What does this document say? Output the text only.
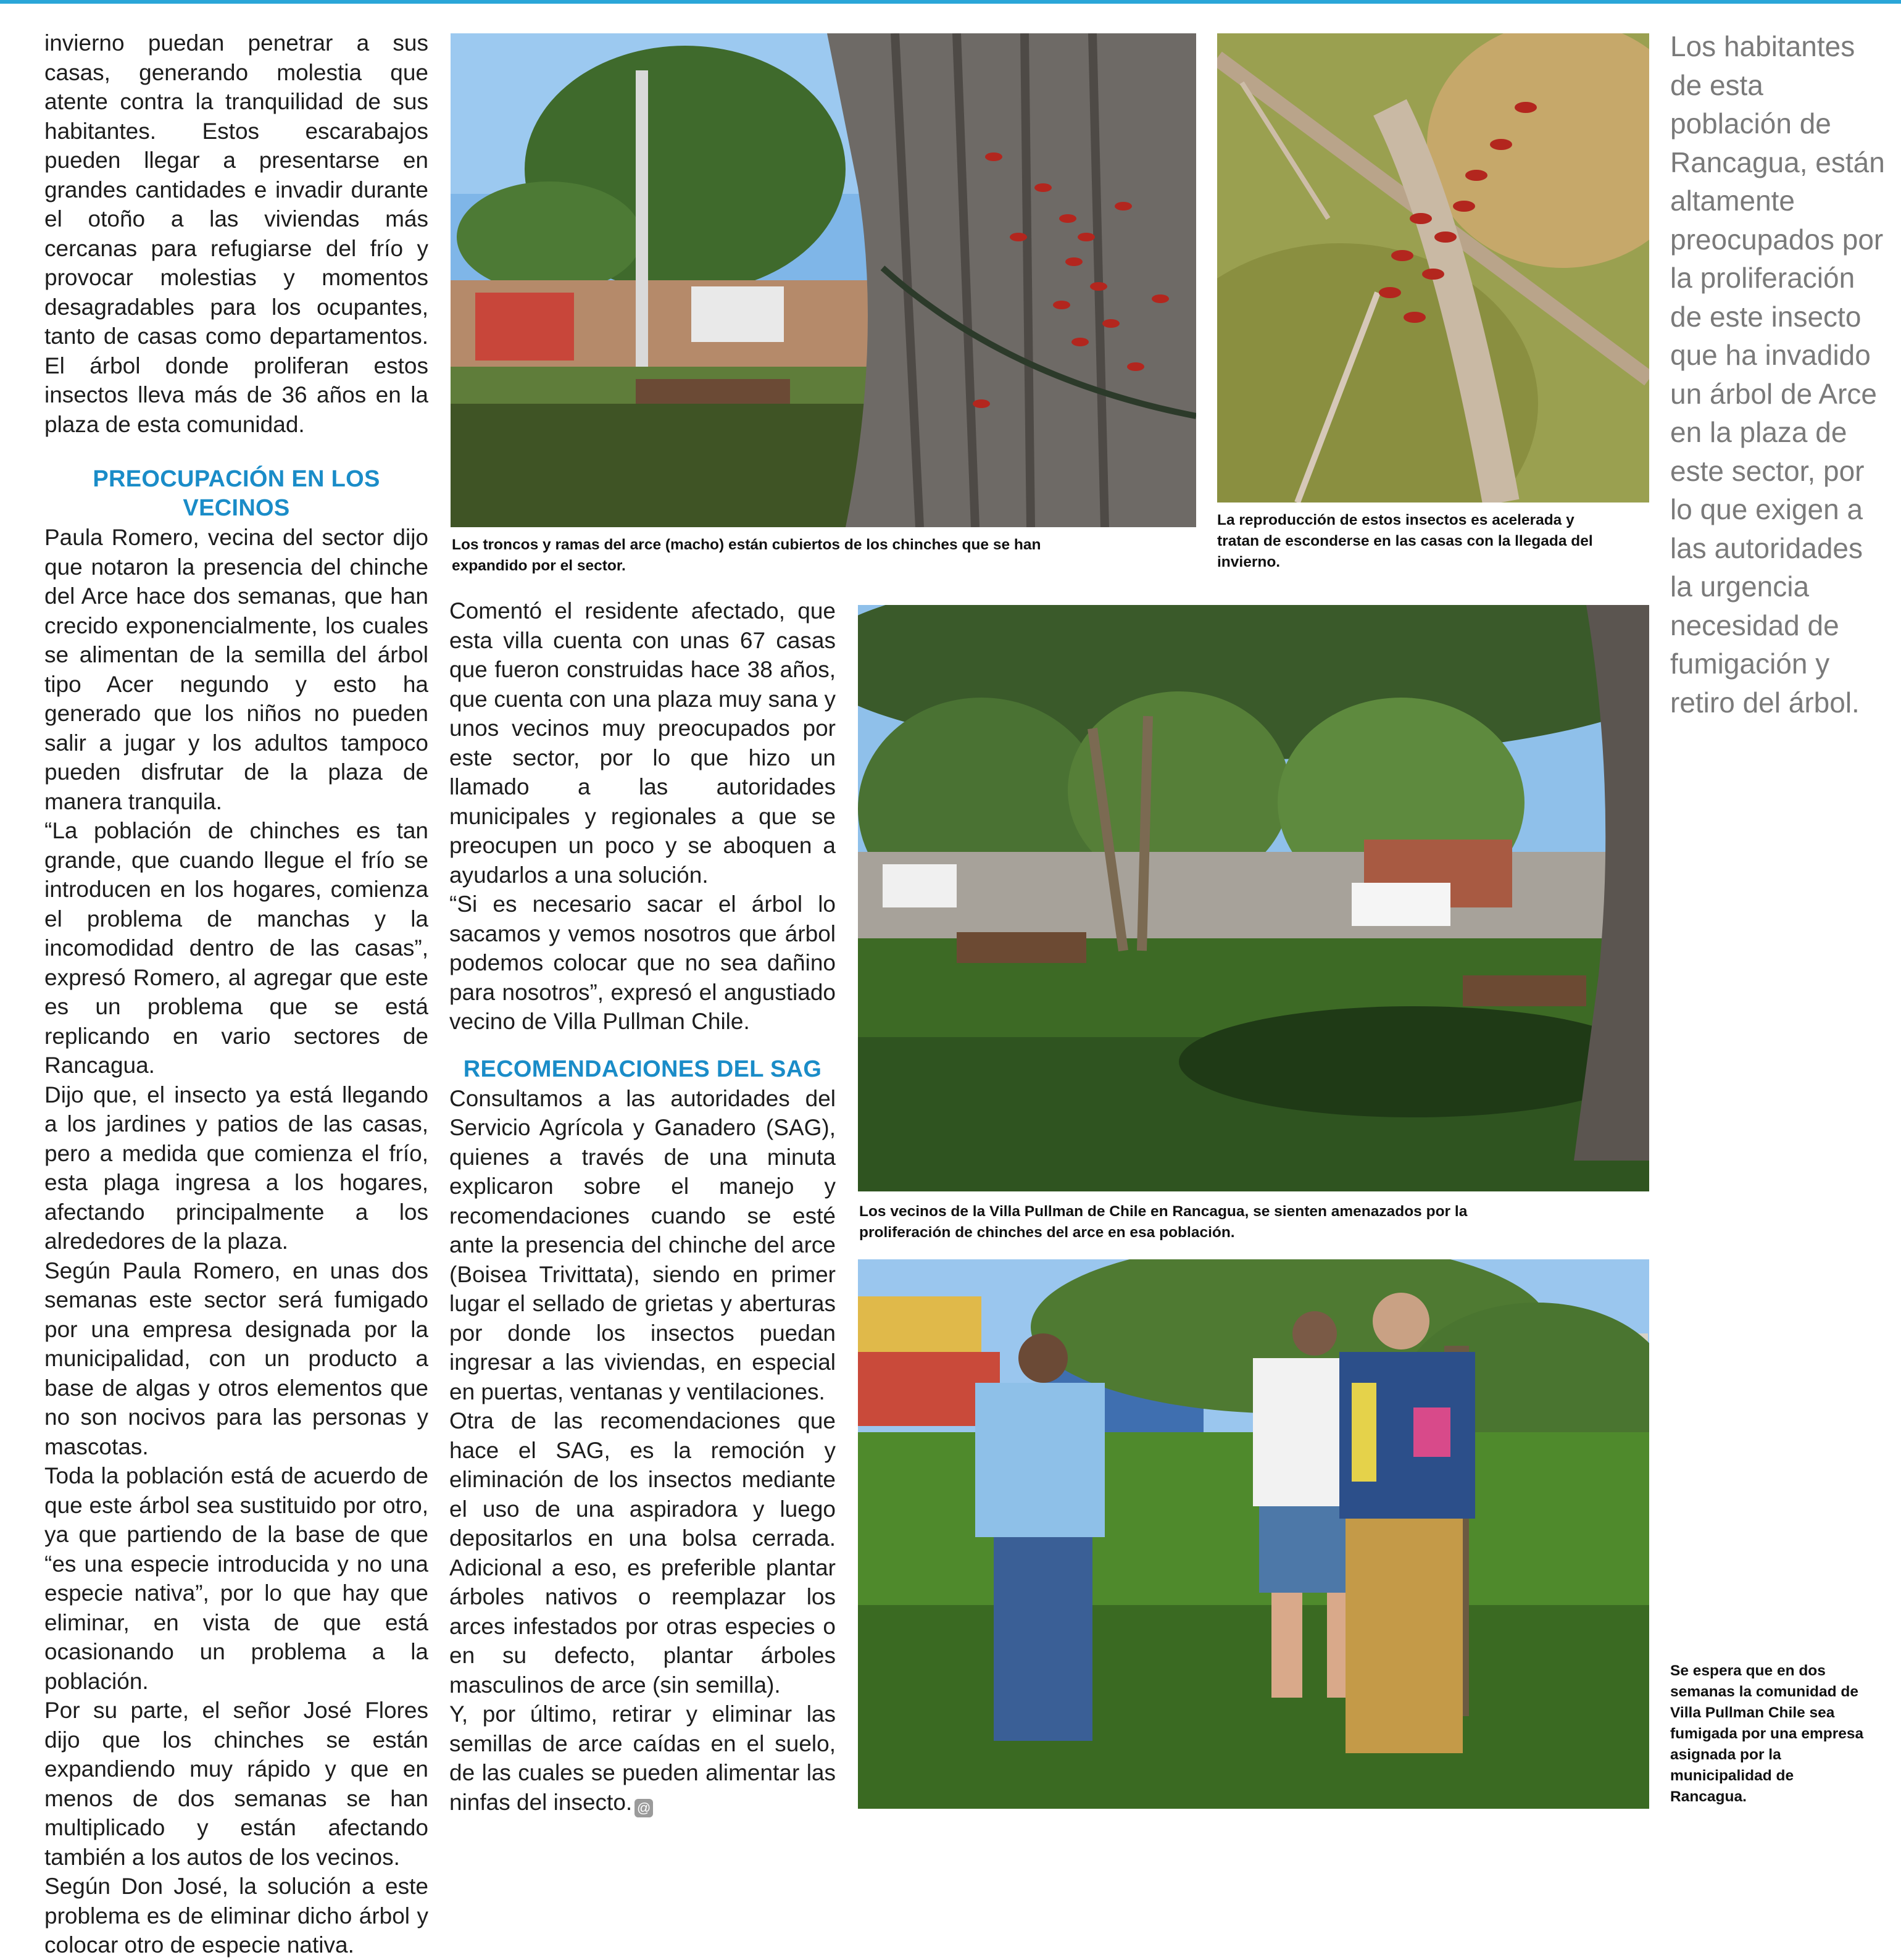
invierno puedan penetrar a sus casas, generando molestia que atente contra la tranquilidad de sus habitantes. Estos escarabajos pueden llegar a presentarse en grandes cantidades e invadir durante el otoño a las viviendas más cercanas para refugiarse del frío y provocar molestias y momentos desagradables para los ocupantes, tanto de casas como departamentos. El árbol donde proliferan estos insectos lleva más de 36 años en la plaza de esta comunidad.

PREOCUPACIÓN EN LOS VECINOS

Paula Romero, vecina del sector dijo que notaron la presencia del chinche del Arce hace dos semanas, que han crecido exponencialmente, los cuales se alimentan de la semilla del árbol tipo Acer negundo y esto ha generado que los niños no pueden salir a jugar y los adultos tampoco pueden disfrutar de la plaza de manera tranquila.

“La población de chinches es tan grande, que cuando llegue el frío se introducen en los hogares, comienza el problema de manchas y la incomodidad dentro de las casas”, expresó Romero, al agregar que este es un problema que se está replicando en vario sectores de Rancagua.

Dijo que, el insecto ya está llegando a los jardines y patios de las casas, pero a medida que comienza el frío, esta plaga ingresa a los hogares, afectando principalmente a los alrededores de la plaza.

Según Paula Romero, en unas dos semanas este sector será fumigado por una empresa designada por la municipalidad, con un producto a base de algas y otros elementos que no son nocivos para las personas y mascotas.

Toda la población está de acuerdo de que este árbol sea sustituido por otro, ya que partiendo de la base de que “es una especie introducida y no una especie nativa”, por lo que hay que eliminar, en vista de que está ocasionando un problema a la población.

Por su parte, el señor José Flores dijo que los chinches se están expandiendo muy rápido y que en menos de dos semanas se han multiplicado y están afectando también a los autos de los vecinos.

Según Don José, la solución a este problema es de eliminar dicho árbol y colocar otro de especie nativa.

Los troncos y ramas del arce (macho) están cubiertos de los chinches que se han expandido por el sector.

La reproducción de estos insectos es acelerada y tratan de esconderse en las casas con la llegada del invierno.

Los habitantes de esta población de Rancagua, están altamente preocupados por la proliferación de este insecto que ha invadido un árbol de Arce en la plaza de este sector, por lo que exigen a las autoridades la urgencia necesidad de fumigación y retiro del árbol.

Comentó el residente afectado, que esta villa cuenta con unas 67 casas que fueron construidas hace 38 años, que cuenta con una plaza muy sana y unos vecinos muy preocupados por este sector, por lo que hizo un llamado a las autoridades municipales y regionales a que se preocupen un poco y se aboquen a ayudarlos a una solución.

“Si es necesario sacar el árbol lo sacamos y vemos nosotros que árbol podemos colocar que no sea dañino para nosotros”, expresó el angustiado vecino de Villa Pullman Chile.

RECOMENDACIONES DEL SAG

Consultamos a las autoridades del Servicio Agrícola y Ganadero (SAG), quienes a través de una minuta explicaron sobre el manejo y recomendaciones cuando se esté ante la presencia del chinche del arce (Boisea Trivittata), siendo en primer lugar el sellado de grietas y aberturas por donde los insectos puedan ingresar a las viviendas, en especial en puertas, ventanas y ventilaciones.

Otra de las recomendaciones que hace el SAG, es la remoción y eliminación de los insectos mediante el uso de una aspiradora y luego depositarlos en una bolsa cerrada. Adicional a eso, es preferible plantar árboles nativos o reemplazar los arces infestados por otras especies o en su defecto, plantar árboles masculinos de arce (sin semilla).

Y, por último, retirar y eliminar las semillas de arce caídas en el suelo, de las cuales se pueden alimentar las ninfas del insecto. @

Los vecinos de la Villa Pullman de Chile en Rancagua, se sienten amenazados por la proliferación de chinches del arce en esa población.

Se espera que en dos semanas la comunidad de Villa Pullman Chile sea fumigada por una empresa asignada por la municipalidad de Rancagua.
